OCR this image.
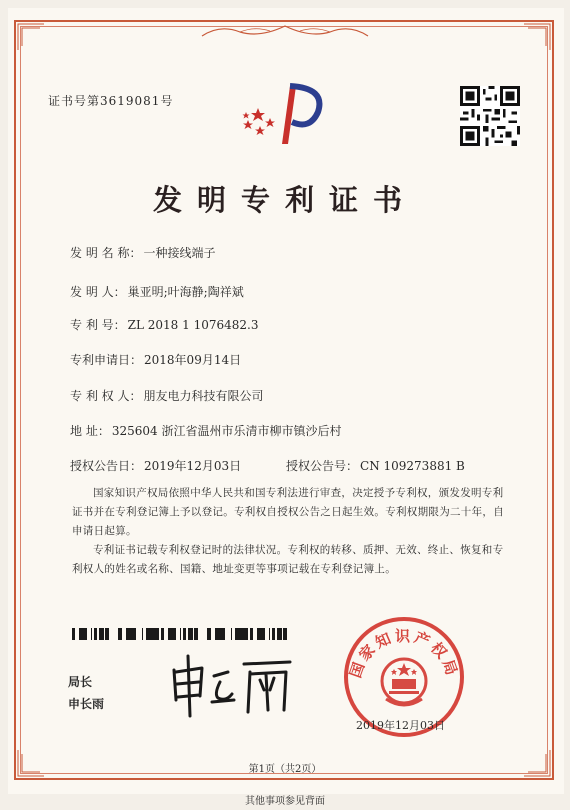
证书号第3619081号
发明专利证书
发 明 名 称： 一种接线端子
发 明 人： 巢亚明;叶海静;陶祥斌
专 利 号： ZL 2018 1 1076482.3
专利申请日： 2018年09月14日
专 利 权 人： 朋友电力科技有限公司
地 址： 325604 浙江省温州市乐清市柳市镇沙后村
授权公告日： 2019年12月03日	授权公告号： CN 109273881 B
国家知识产权局依照中华人民共和国专利法进行审查，决定授予专利权，颁发发明专利证书并在专利登记簿上予以登记。专利权自授权公告之日起生效。专利权期限为二十年，自申请日起算。
专利证书记载专利权登记时的法律状况。专利权的转移、质押、无效、终止、恢复和专利权人的姓名或名称、国籍、地址变更等事项记载在专利登记簿上。
局长
申长雨
国家知识产权局
2019年12月03日
第1页（共2页）
其他事项参见背面
